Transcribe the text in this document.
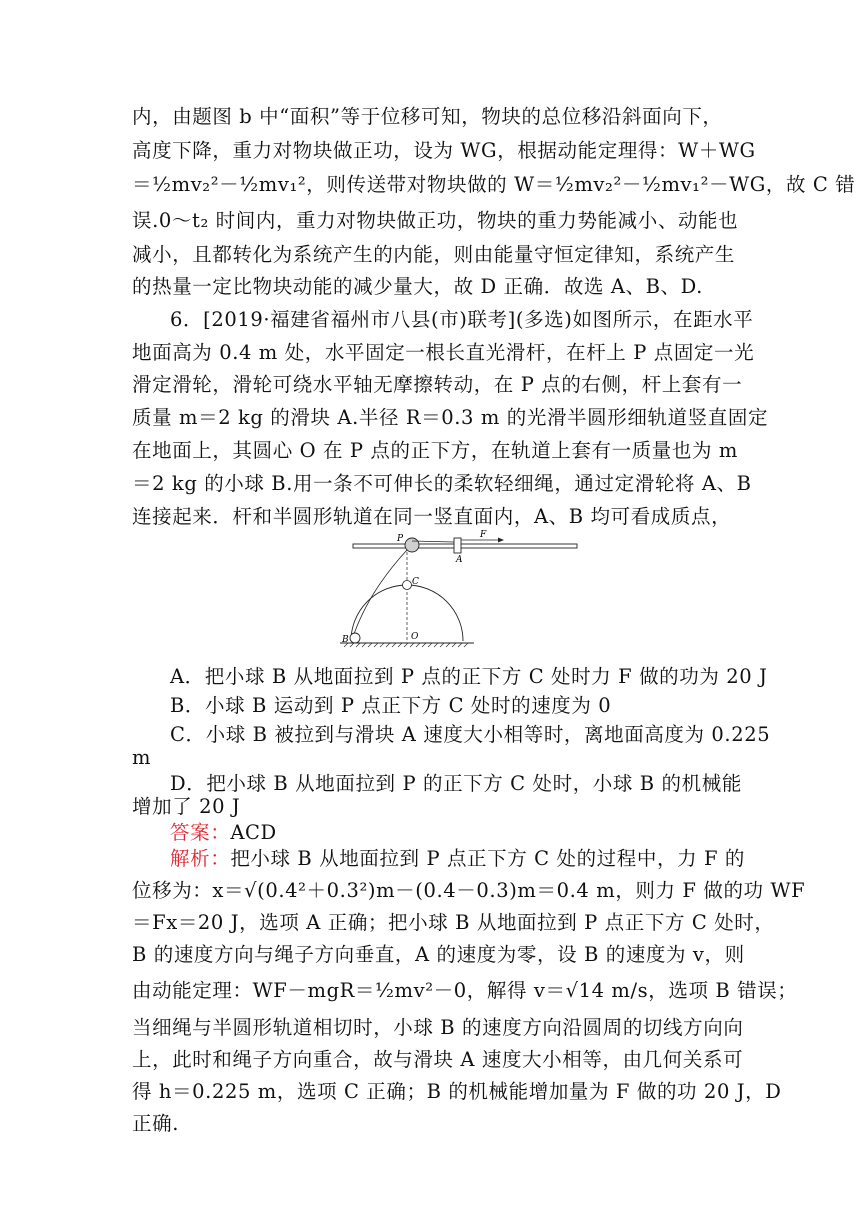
内，由题图 b 中“面积”等于位移可知，物块的总位移沿斜面向下，
高度下降，重力对物块做正功，设为 WG，根据动能定理得：W＋WG
＝½mv₂²－½mv₁²，则传送带对物块做的 W＝½mv₂²－½mv₁²－WG，故 C 错
误.0～t₂ 时间内，重力对物块做正功，物块的重力势能减小、动能也
减小，且都转化为系统产生的内能，则由能量守恒定律知，系统产生
的热量一定比物块动能的减少量大，故 D 正确．故选 A、B、D.
6．[2019·福建省福州市八县(市)联考](多选)如图所示，在距水平
地面高为 0.4 m 处，水平固定一根长直光滑杆，在杆上 P 点固定一光
滑定滑轮，滑轮可绕水平轴无摩擦转动，在 P 点的右侧，杆上套有一
质量 m＝2 kg 的滑块 A.半径 R＝0.3 m 的光滑半圆形细轨道竖直固定
在地面上，其圆心 O 在 P 点的正下方，在轨道上套有一质量也为 m
＝2 kg 的小球 B.用一条不可伸长的柔软轻细绳，通过定滑轮将 A、B
连接起来．杆和半圆形轨道在同一竖直面内，A、B 均可看成质点，
P	F
A
C
B	O
A．把小球 B 从地面拉到 P 点的正下方 C 处时力 F 做的功为 20 J
B．小球 B 运动到 P 点正下方 C 处时的速度为 0
C．小球 B 被拉到与滑块 A 速度大小相等时，离地面高度为 0.225
m
D．把小球 B 从地面拉到 P 的正下方 C 处时，小球 B 的机械能
增加了 20 J
答案：ACD
解析：把小球 B 从地面拉到 P 点正下方 C 处的过程中，力 F 的
位移为：x＝√(0.4²＋0.3²)m－(0.4－0.3)m＝0.4 m，则力 F 做的功 WF
＝Fx＝20 J，选项 A 正确；把小球 B 从地面拉到 P 点正下方 C 处时，
B 的速度方向与绳子方向垂直，A 的速度为零，设 B 的速度为 v，则
由动能定理：WF－mgR＝½mv²－0，解得 v＝√14 m/s，选项 B 错误；
当细绳与半圆形轨道相切时，小球 B 的速度方向沿圆周的切线方向向
上，此时和绳子方向重合，故与滑块 A 速度大小相等，由几何关系可
得 h＝0.225 m，选项 C 正确；B 的机械能增加量为 F 做的功 20 J，D
正确.
